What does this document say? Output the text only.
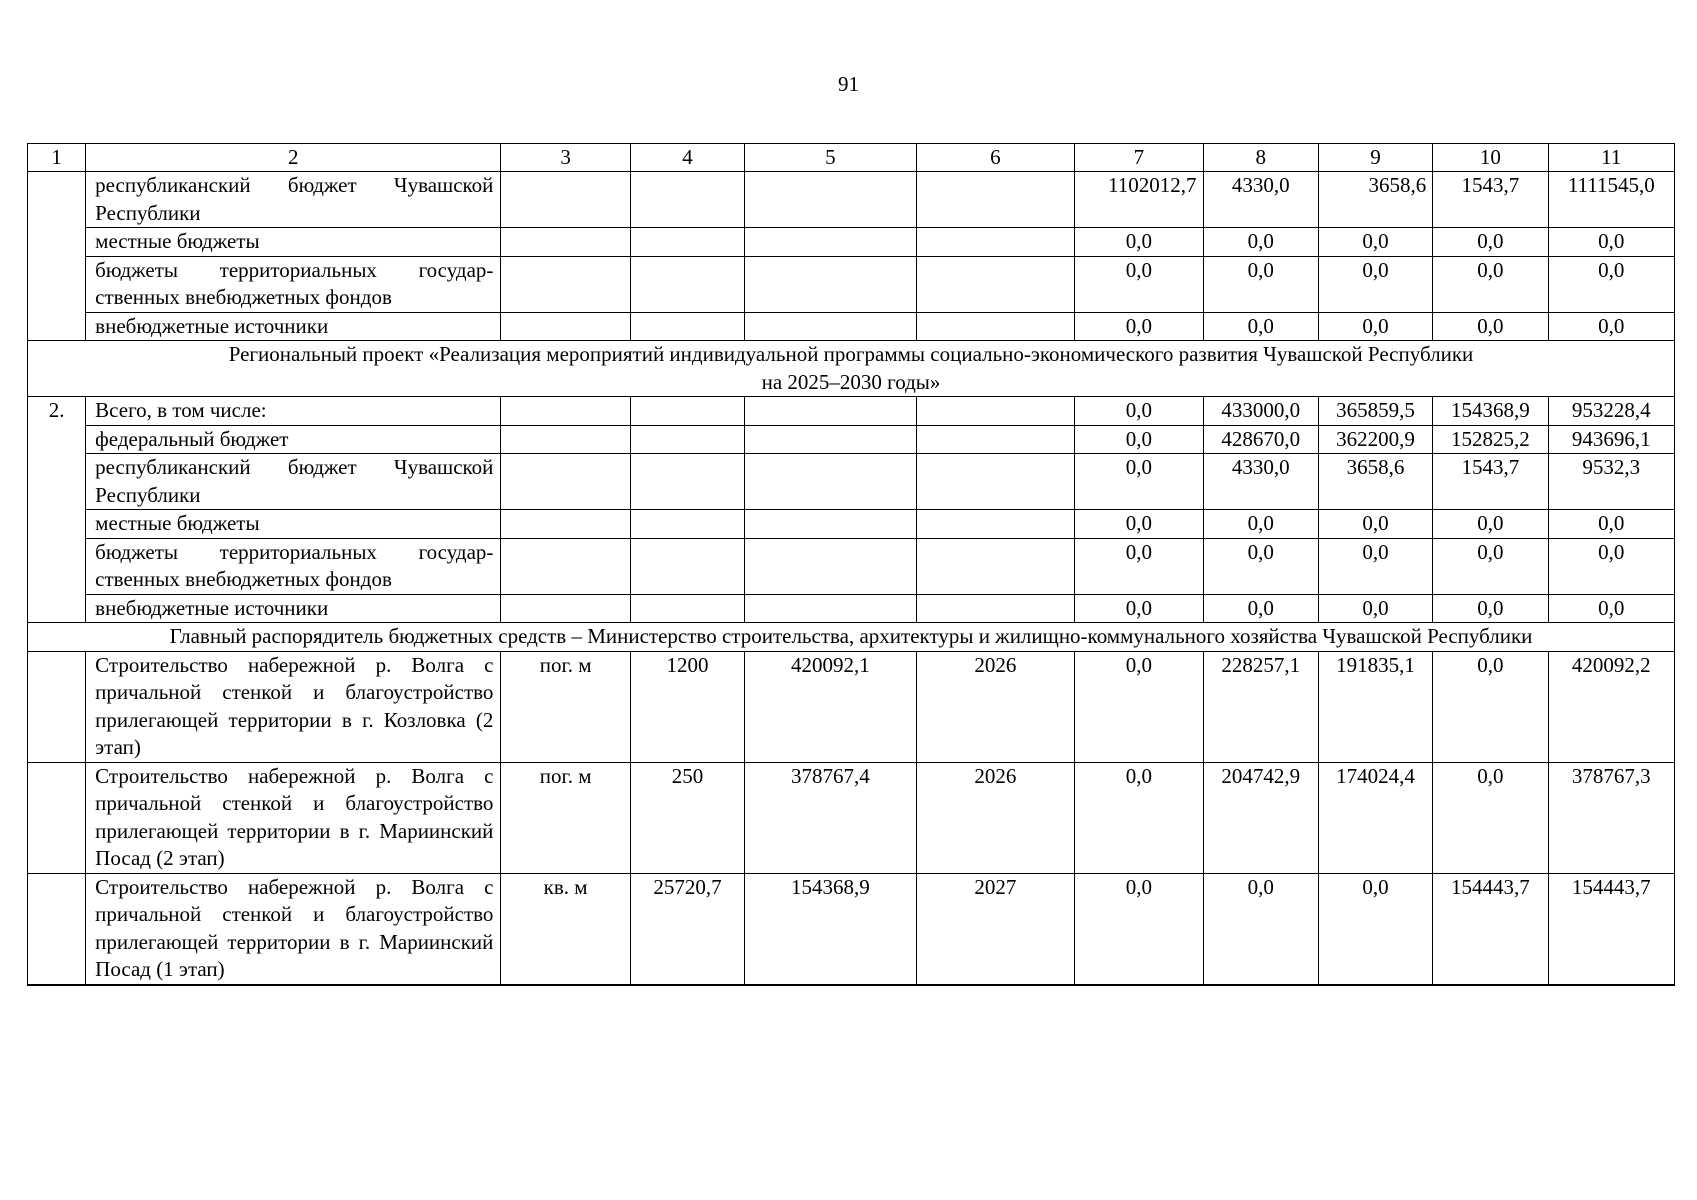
91
1	2	3	4	5	6	7	8	9	10	11
	республиканский бюджет Чувашской Республики					1102012,7	4330,0	3658,6	1543,7	1111545,0
	местные бюджеты					0,0	0,0	0,0	0,0	0,0
	бюджеты территориальных государственных внебюджетных фондов					0,0	0,0	0,0	0,0	0,0
	внебюджетные источники					0,0	0,0	0,0	0,0	0,0

Региональный проект «Реализация мероприятий индивидуальной программы социально-экономического развития Чувашской Республики
на 2025–2030 годы»										

2.	Всего, в том числе:					0,0	433000,0	365859,5	154368,9	953228,4
	федеральный бюджет					0,0	428670,0	362200,9	152825,2	943696,1
	республиканский бюджет Чувашской Республики					0,0	4330,0	3658,6	1543,7	9532,3
	местные бюджеты					0,0	0,0	0,0	0,0	0,0
	бюджеты территориальных государственных внебюджетных фондов					0,0	0,0	0,0	0,0	0,0
	внебюджетные источники					0,0	0,0	0,0	0,0	0,0
Главный распорядитель бюджетных средств – Министерство строительства, архитектуры и жилищно-коммунального хозяйства Чувашской Республики										
	Строительство набережной р. Волга с причальной стенкой и благоустройство прилегающей территории в г. Козловка (2 этап)	пог. м	1200	420092,1	2026	0,0	228257,1	191835,1	0,0	420092,2
	Строительство набережной р. Волга с причальной стенкой и благоустройство прилегающей территории в г. Мариинский Посад (2 этап)	пог. м	250	378767,4	2026	0,0	204742,9	174024,4	0,0	378767,3
	Строительство набережной р. Волга с причальной стенкой и благоустройство прилегающей территории в г. Мариинский Посад (1 этап)	кв. м	25720,7	154368,9	2027	0,0	0,0	0,0	154443,7	154443,7
